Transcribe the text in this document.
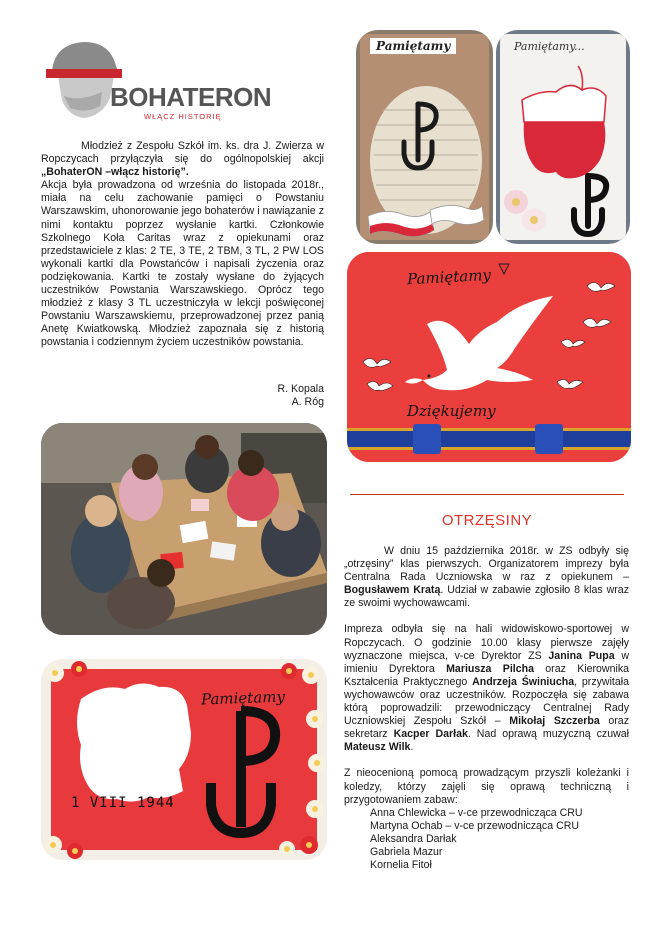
BOHATERON
WŁĄCZ HISTORIĘ

Młodzież z Zespołu Szkół im. ks. dra J. Zwierza w Ropczycach przyłączyła się do ogólnopolskiej akcji „BohaterON –włącz historię”.

Akcja była prowadzona od września do listopada 2018r., miała na celu zachowanie pamięci o Powstaniu Warszawskim, uhonorowanie jego bohaterów i nawiązanie z nimi kontaktu poprzez wysłanie kartki. Członkowie Szkolnego Koła Caritas wraz z opiekunami oraz przedstawiciele z klas: 2 TE, 3 TE, 2 TBM, 3 TL, 2 PW LOS wykonali kartki dla Powstańców i napisali życzenia oraz podziękowania. Kartki te zostały wysłane do żyjących uczestników Powstania Warszawskiego. Oprócz tego młodzież z klasy 3 TL uczestniczyła w lekcji poświęconej Powstaniu Warszawskiemu, przeprowadzonej przez panią Anetę Kwiatkowską. Młodzież zapoznała się z historią powstania i codziennym życiem uczestników powstania.

R. Kopala
A. Róg
Pamiętamy	Pamiętamy...
Pamiętamy
Dziękujemy
Pamiętamy
1 VIII 1944
OTRZĘSINY

W dniu 15 października 2018r. w ZS odbyły się „otrzęsiny” klas pierwszych. Organizatorem imprezy była Centralna Rada Uczniowska w raz z opiekunem – Bogusławem Kratą. Udział w zabawie zgłosiło 8 klas wraz ze swoimi wychowawcami.

Impreza odbyła się na hali widowiskowo-sportowej w Ropczycach. O godzinie 10.00 klasy pierwsze zajęły wyznaczone miejsca, v-ce Dyrektor ZS Janina Pupa w imieniu Dyrektora Mariusza Pilcha oraz Kierownika Kształcenia Praktycznego Andrzeja Świniucha, przywitała wychowawców oraz uczestników. Rozpoczęła się zabawa którą poprowadzili: przewodniczący Centralnej Rady Uczniowskiej Zespołu Szkół – Mikołaj Szczerba oraz sekretarz Kacper Darłak. Nad oprawą muzyczną czuwał Mateusz Wilk.

Z nieocenioną pomocą prowadzącym przyszli koleżanki i koledzy, którzy zajęli się oprawą techniczną i przygotowaniem zabaw:

Anna Chlewicka – v-ce przewodnicząca CRU

Martyna Ochab – v-ce przewodnicząca CRU

Aleksandra Darłak

Gabriela Mazur

Kornelia Fitoł
